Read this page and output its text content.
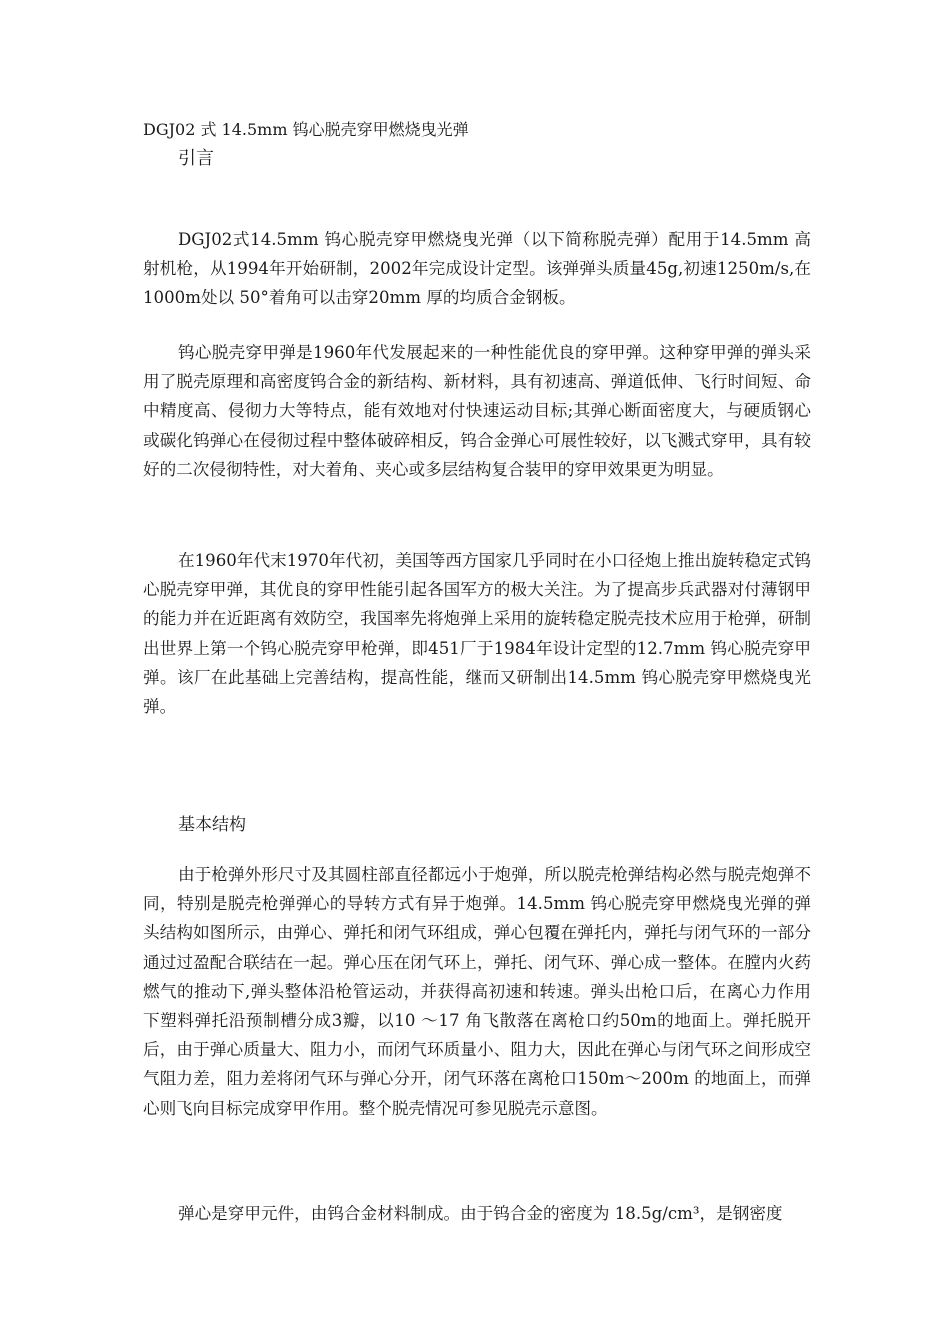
DGJ02 式 14.5mm 钨心脱壳穿甲燃烧曳光弹
引言

DGJ02式14.5mm 钨心脱壳穿甲燃烧曳光弹（以下简称脱壳弹）配用于14.5mm 高射机枪，从1994年开始研制，2002年完成设计定型。该弹弹头质量45g,初速1250m/s,在1000m处以 50°着角可以击穿20mm 厚的均质合金钢板。

钨心脱壳穿甲弹是1960年代发展起来的一种性能优良的穿甲弹。这种穿甲弹的弹头采用了脱壳原理和高密度钨合金的新结构、新材料，具有初速高、弹道低伸、飞行时间短、命中精度高、侵彻力大等特点，能有效地对付快速运动目标;其弹心断面密度大，与硬质钢心或碳化钨弹心在侵彻过程中整体破碎相反，钨合金弹心可展性较好，以飞溅式穿甲，具有较好的二次侵彻特性，对大着角、夹心或多层结构复合装甲的穿甲效果更为明显。

在1960年代末1970年代初，美国等西方国家几乎同时在小口径炮上推出旋转稳定式钨心脱壳穿甲弹，其优良的穿甲性能引起各国军方的极大关注。为了提高步兵武器对付薄钢甲的能力并在近距离有效防空，我国率先将炮弹上采用的旋转稳定脱壳技术应用于枪弹，研制出世界上第一个钨心脱壳穿甲枪弹，即451厂于1984年设计定型的12.7mm 钨心脱壳穿甲弹。该厂在此基础上完善结构，提高性能，继而又研制出14.5mm 钨心脱壳穿甲燃烧曳光弹。

基本结构

由于枪弹外形尺寸及其圆柱部直径都远小于炮弹，所以脱壳枪弹结构必然与脱壳炮弹不同，特别是脱壳枪弹弹心的导转方式有异于炮弹。14.5mm 钨心脱壳穿甲燃烧曳光弹的弹头结构如图所示，由弹心、弹托和闭气环组成，弹心包覆在弹托内，弹托与闭气环的一部分通过过盈配合联结在一起。弹心压在闭气环上，弹托、闭气环、弹心成一整体。在膛内火药燃气的推动下,弹头整体沿枪管运动，并获得高初速和转速。弹头出枪口后，在离心力作用下塑料弹托沿预制槽分成3瓣，以10 ～17 角飞散落在离枪口约50m的地面上。弹托脱开后，由于弹心质量大、阻力小，而闭气环质量小、阻力大，因此在弹心与闭气环之间形成空气阻力差，阻力差将闭气环与弹心分开，闭气环落在离枪口150m～200m 的地面上，而弹心则飞向目标完成穿甲作用。整个脱壳情况可参见脱壳示意图。

弹心是穿甲元件，由钨合金材料制成。由于钨合金的密度为 18.5g/cm³，是钢密度
